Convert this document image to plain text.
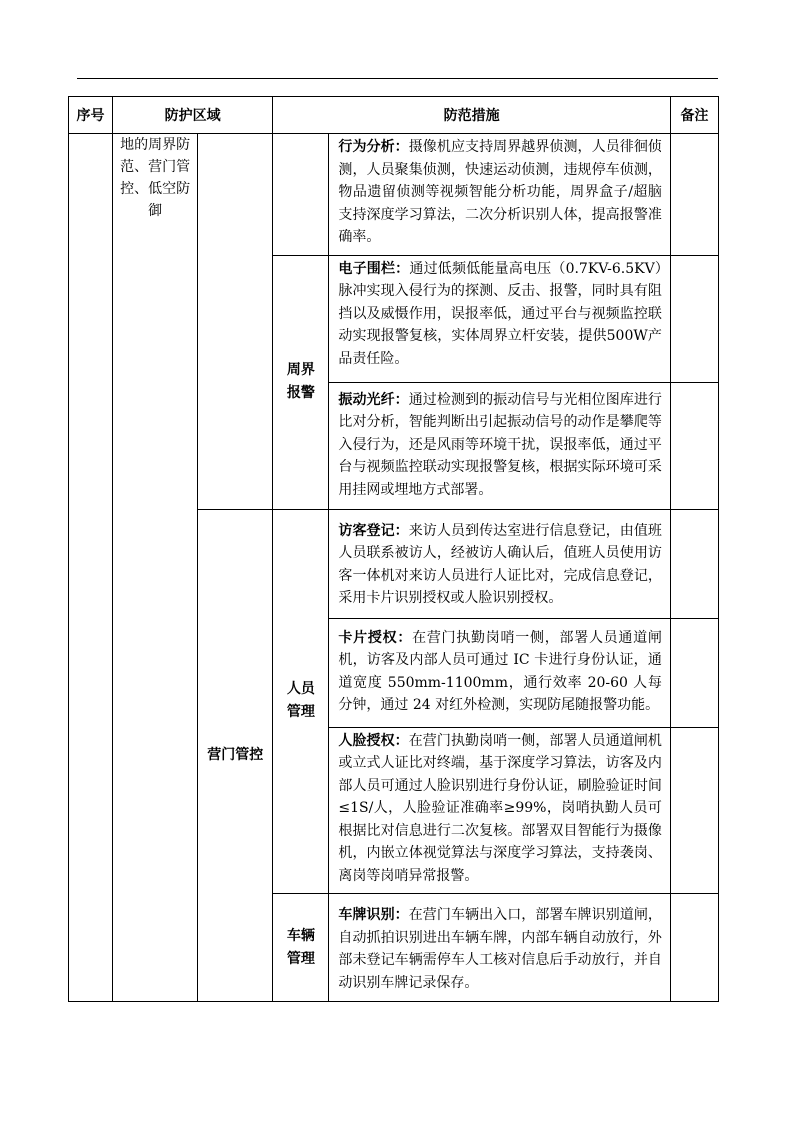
序号	防护区域		防范措施		备注

	地的周界防范、营门管控、低空防御			行为分析：摄像机应支持周界越界侦测，人员徘徊侦测，人员聚集侦测，快速运动侦测，违规停车侦测，物品遗留侦测等视频智能分析功能，周界盒子/超脑支持深度学习算法，二次分析识别人体，提高报警准确率。	

			周界报警	电子围栏：通过低频低能量高电压（0.7KV-6.5KV）脉冲实现入侵行为的探测、反击、报警，同时具有阻挡以及威慑作用，误报率低，通过平台与视频监控联动实现报警复核，实体周界立杆安装，提供500W产品责任险。	

				振动光纤：通过检测到的振动信号与光相位图库进行比对分析，智能判断出引起振动信号的动作是攀爬等入侵行为，还是风雨等环境干扰，误报率低，通过平台与视频监控联动实现报警复核，根据实际环境可采用挂网或埋地方式部署。	

		营门管控	人员管理	访客登记：来访人员到传达室进行信息登记，由值班人员联系被访人，经被访人确认后，值班人员使用访客一体机对来访人员进行人证比对，完成信息登记，采用卡片识别授权或人脸识别授权。	

				卡片授权：在营门执勤岗哨一侧，部署人员通道闸机，访客及内部人员可通过 IC 卡进行身份认证，通道宽度 550mm-1100mm，通行效率 20-60 人每分钟，通过 24 对红外检测，实现防尾随报警功能。	

				人脸授权：在营门执勤岗哨一侧，部署人员通道闸机或立式人证比对终端，基于深度学习算法，访客及内部人员可通过人脸识别进行身份认证，刷脸验证时间≤1S/人，人脸验证准确率≥99%，岗哨执勤人员可根据比对信息进行二次复核。部署双目智能行为摄像机，内嵌立体视觉算法与深度学习算法，支持袭岗、离岗等岗哨异常报警。	

			车辆管理	车牌识别：在营门车辆出入口，部署车牌识别道闸，自动抓拍识别进出车辆车牌，内部车辆自动放行，外部未登记车辆需停车人工核对信息后手动放行，并自动识别车牌记录保存。	
